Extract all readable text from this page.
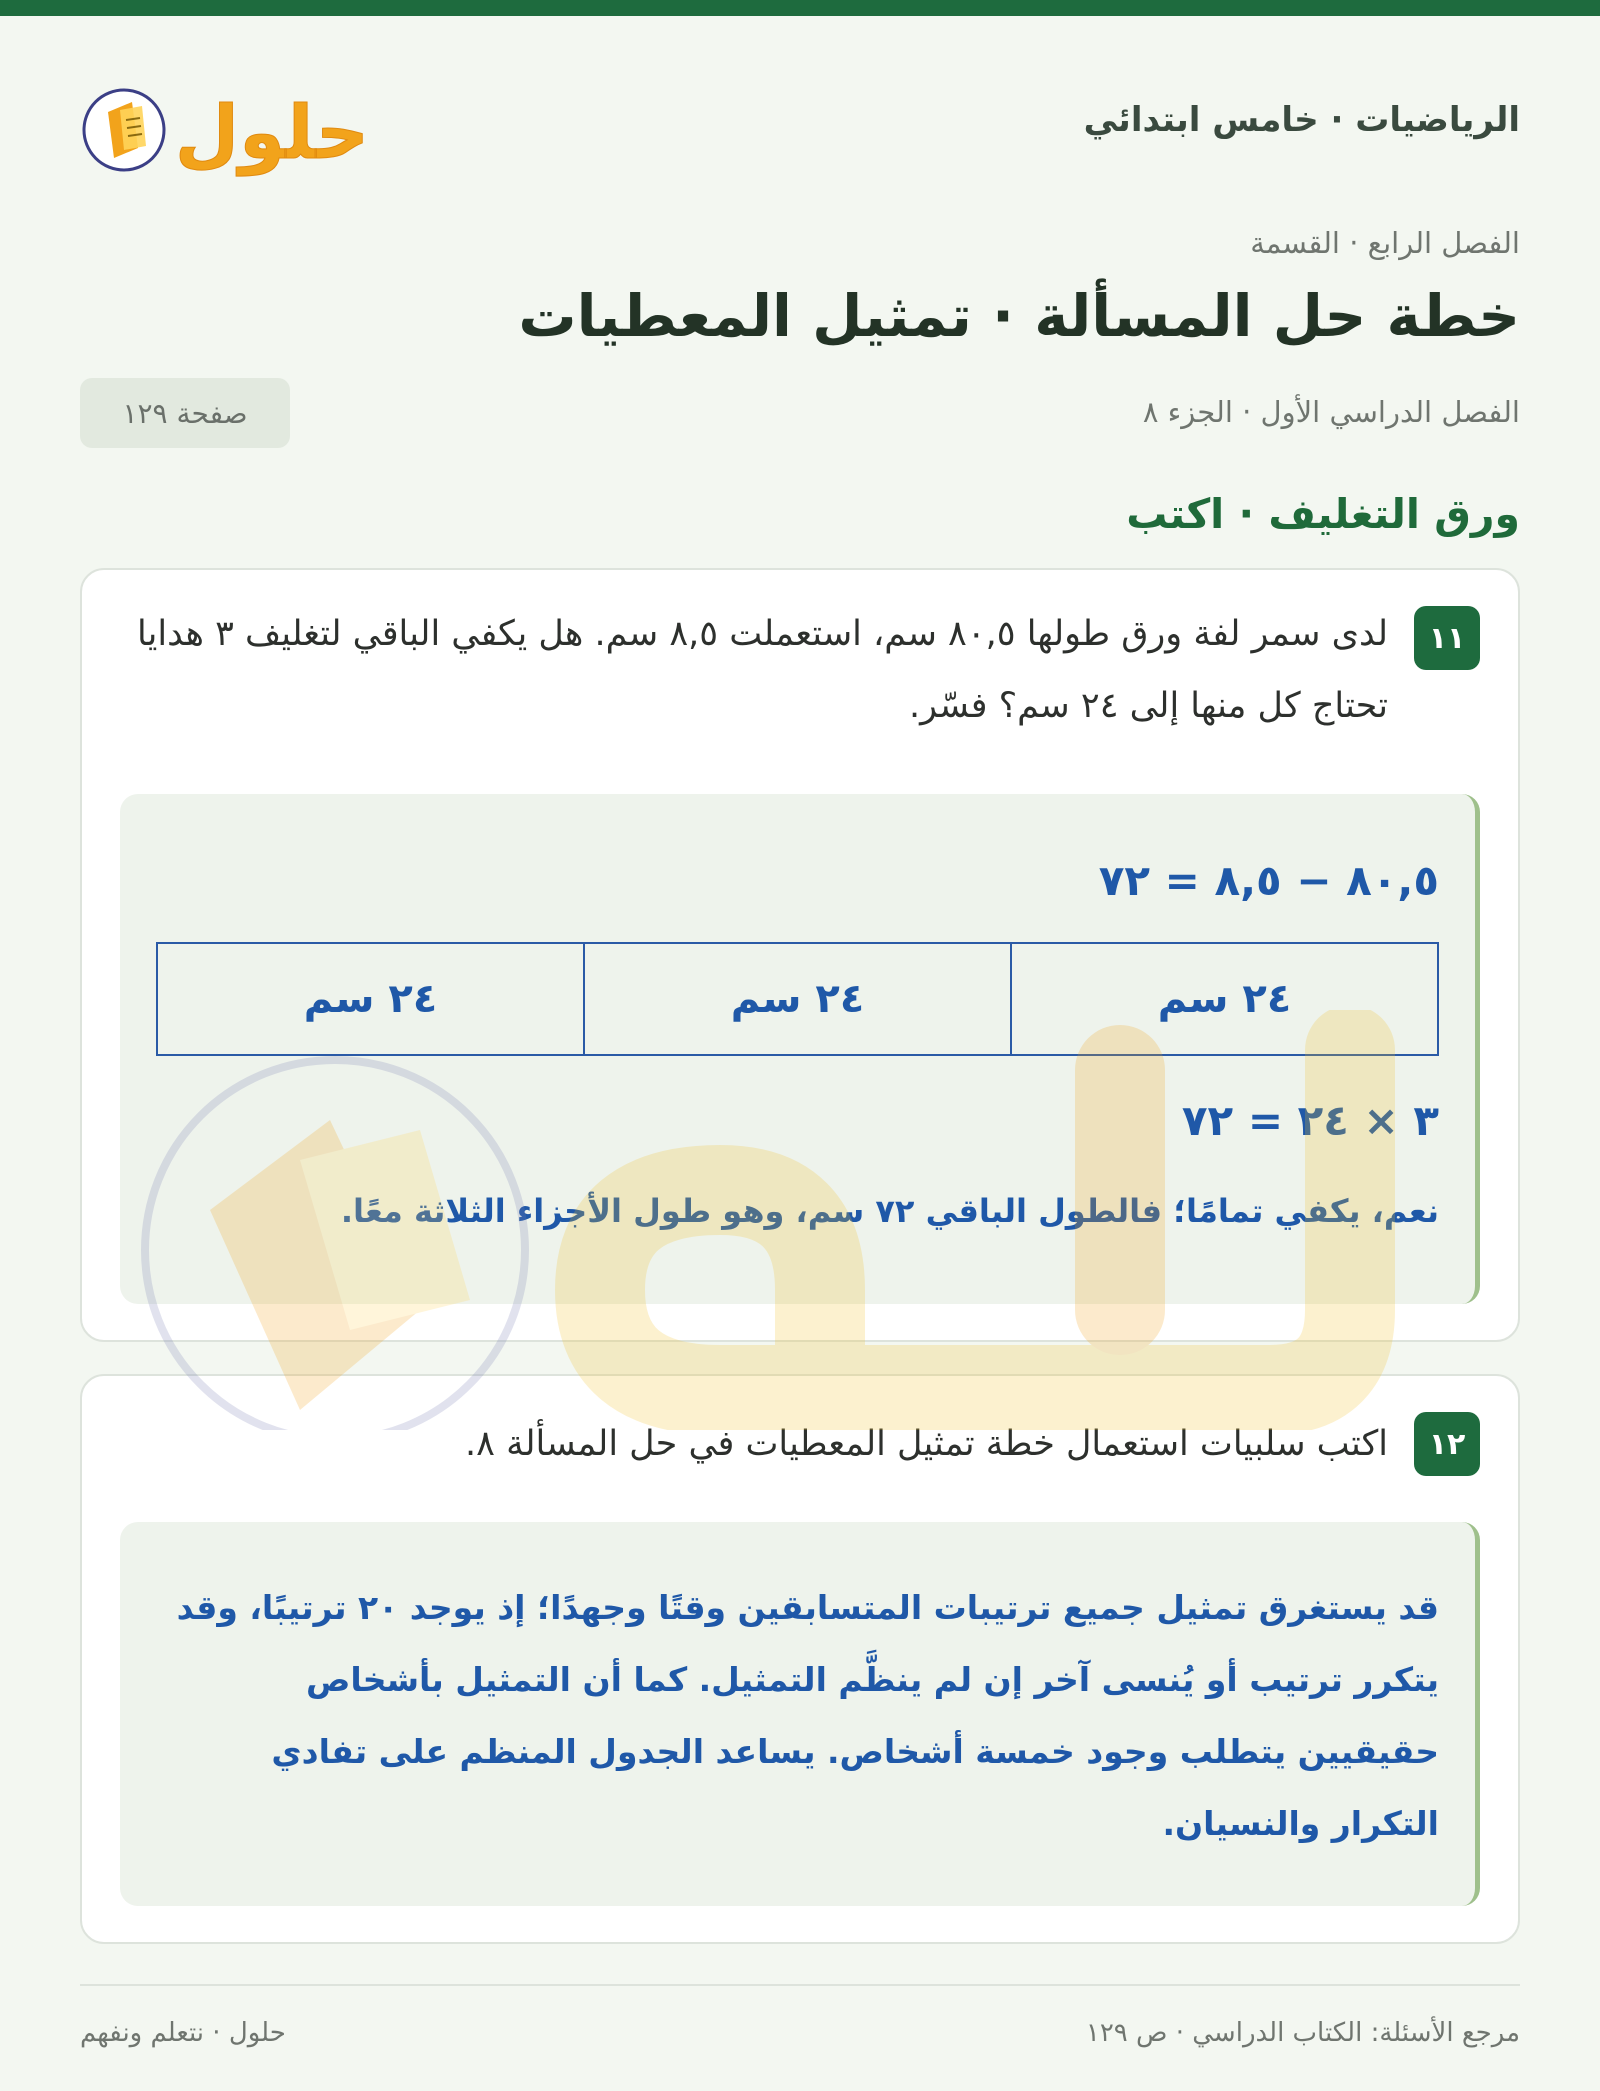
الرياضيات · خامس ابتدائي
حلول
الفصل الرابع · القسمة
خطة حل المسألة · تمثيل المعطيات
الفصل الدراسي الأول · الجزء ٨
صفحة ١٢٩
ورق التغليف · اكتب
١١
لدى سمر لفة ورق طولها ٨٠,٥ سم، استعملت ٨,٥ سم. هل يكفي الباقي لتغليف ٣ هدايا تحتاج كل منها إلى ٢٤ سم؟ فسّر.
٨٠,٥ − ٨,٥ = ٧٢
٢٤ سم
٢٤ سم
٢٤ سم
٣ × ٢٤ = ٧٢
نعم، يكفي تمامًا؛ فالطول الباقي ٧٢ سم، وهو طول الأجزاء الثلاثة معًا.
١٢
اكتب سلبيات استعمال خطة تمثيل المعطيات في حل المسألة ٨.
قد يستغرق تمثيل جميع ترتيبات المتسابقين وقتًا وجهدًا؛ إذ يوجد ٢٠ ترتيبًا، وقد يتكرر ترتيب أو يُنسى آخر إن لم ينظَّم التمثيل. كما أن التمثيل بأشخاص حقيقيين يتطلب وجود خمسة أشخاص. يساعد الجدول المنظم على تفادي التكرار والنسيان.
مرجع الأسئلة: الكتاب الدراسي · ص ١٢٩
حلول · نتعلم ونفهم
